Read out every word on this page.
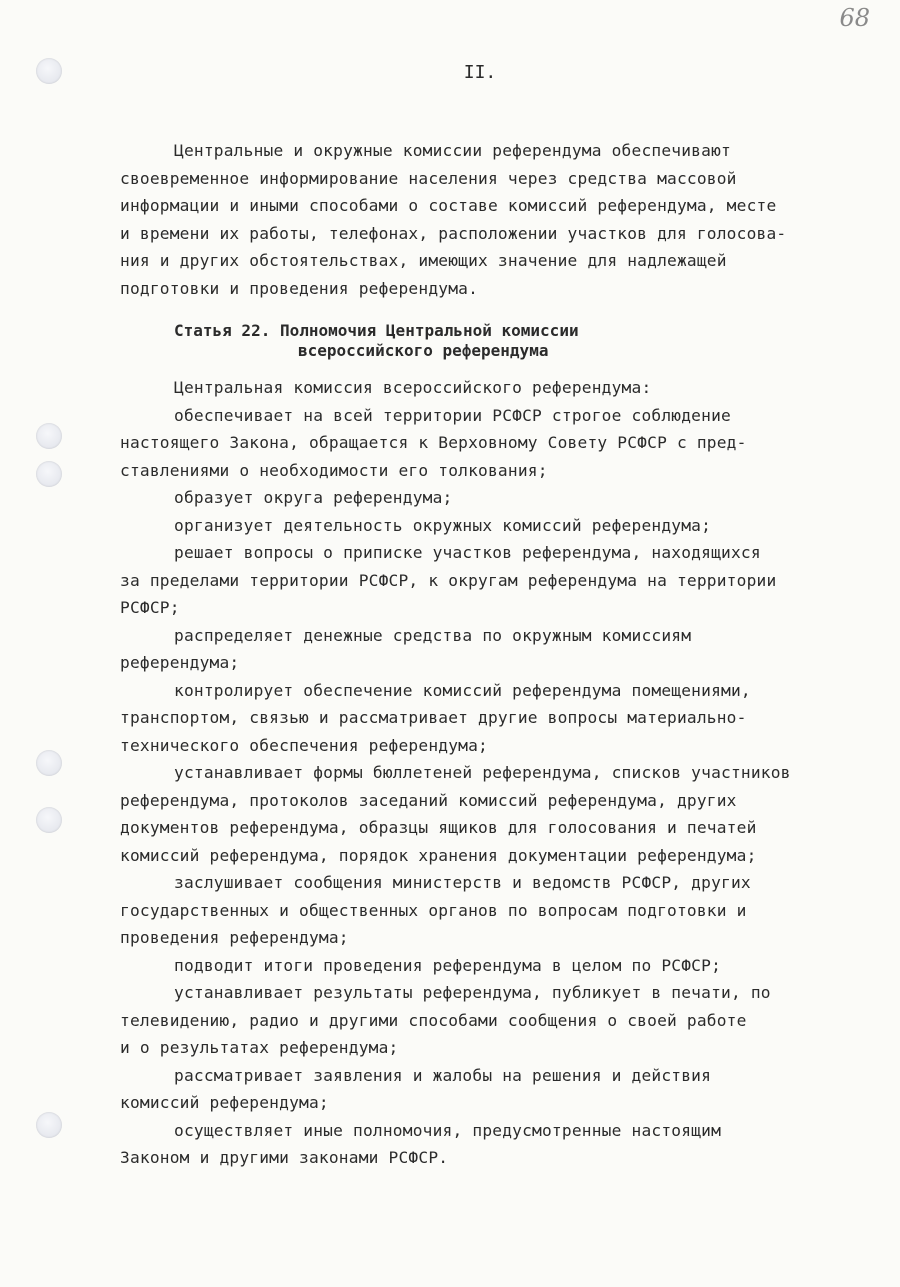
68
II.
Центральные и окружные комиссии референдума обеспечивают
своевременное информирование населения через средства массовой
информации и иными способами о составе комиссий референдума, месте
и времени их работы, телефонах, расположении участков для голосова-
ния и других обстоятельствах, имеющих значение для надлежащей
подготовки и проведения референдума.
Статья 22. Полномочия Центральной комиссии
всероссийского референдума
Центральная комиссия всероссийского референдума:
обеспечивает на всей территории РСФСР строгое соблюдение
настоящего Закона, обращается к Верховному Совету РСФСР с пред-
ставлениями о необходимости его толкования;
образует округа референдума;
организует деятельность окружных комиссий референдума;
решает вопросы о приписке участков референдума, находящихся
за пределами территории РСФСР, к округам референдума на территории
РСФСР;
распределяет денежные средства по окружным комиссиям
референдума;
контролирует обеспечение комиссий референдума помещениями,
транспортом, связью и рассматривает другие вопросы материально-
технического обеспечения референдума;
устанавливает формы бюллетеней референдума, списков участников
референдума, протоколов заседаний комиссий референдума, других
документов референдума, образцы ящиков для голосования и печатей
комиссий референдума, порядок хранения документации референдума;
заслушивает сообщения министерств и ведомств РСФСР, других
государственных и общественных органов по вопросам подготовки и
проведения референдума;
подводит итоги проведения референдума в целом по РСФСР;
устанавливает результаты референдума, публикует в печати, по
телевидению, радио и другими способами сообщения о своей работе
и о результатах референдума;
рассматривает заявления и жалобы на решения и действия
комиссий референдума;
осуществляет иные полномочия, предусмотренные настоящим
Законом и другими законами РСФСР.
